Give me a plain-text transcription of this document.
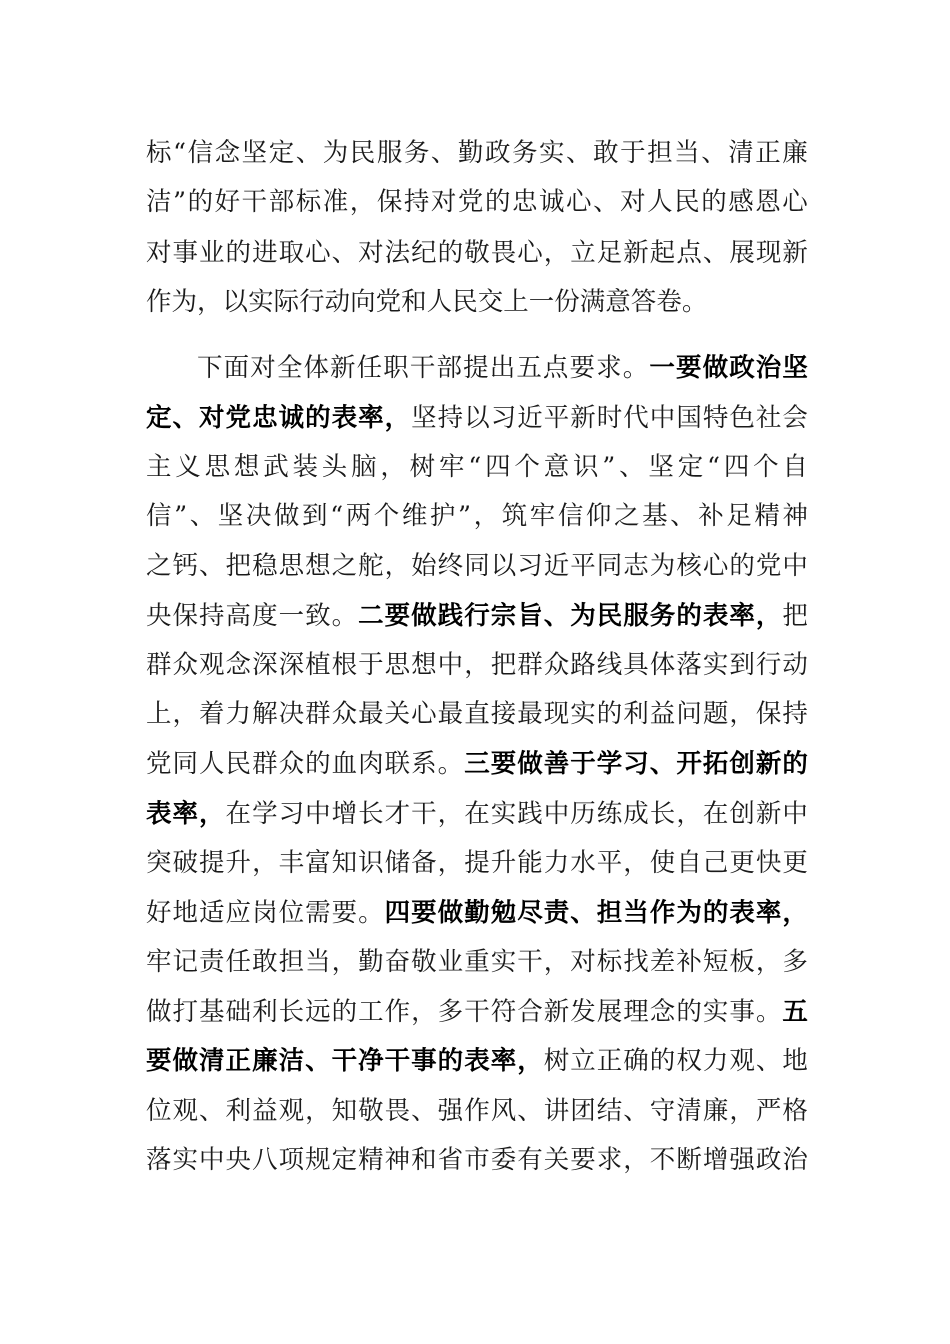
标 “ 信 念 坚 定 、 为 民 服 务 、 勤 政 务 实 、 敢 于 担 当 、 清 正 廉
洁 ” 的 好 干 部 标 准 ， 保 持 对 党 的 忠 诚 心 、 对 人 民 的 感 恩 心
对 事 业 的 进 取 心 、 对 法 纪 的 敬 畏 心 ， 立 足 新 起 点 、 展 现 新
作 为 ， 以 实 际 行 动 向 党 和 人 民 交 上 一 份 满 意 答 卷 。
下 面 对 全 体 新 任 职 干 部 提 出 五 点 要 求 。 一 要 做 政 治 坚
定 、 对 党 忠 诚 的 表 率 ， 坚 持 以 习 近 平 新 时 代 中 国 特 色 社 会
主 义 思 想 武 装 头 脑 ， 树 牢 “ 四 个 意 识 ” 、 坚 定 “ 四 个 自
信 ” 、 坚 决 做 到 “ 两 个 维 护 ” ， 筑 牢 信 仰 之 基 、 补 足 精 神
之 钙 、 把 稳 思 想 之 舵 ， 始 终 同 以 习 近 平 同 志 为 核 心 的 党 中
央 保 持 高 度 一 致 。 二 要 做 践 行 宗 旨 、 为 民 服 务 的 表 率 ， 把
群 众 观 念 深 深 植 根 于 思 想 中 ， 把 群 众 路 线 具 体 落 实 到 行 动
上 ， 着 力 解 决 群 众 最 关 心 最 直 接 最 现 实 的 利 益 问 题 ， 保 持
党 同 人 民 群 众 的 血 肉 联 系 。 三 要 做 善 于 学 习 、 开 拓 创 新 的
表 率 ， 在 学 习 中 增 长 才 干 ， 在 实 践 中 历 练 成 长 ， 在 创 新 中
突 破 提 升 ， 丰 富 知 识 储 备 ， 提 升 能 力 水 平 ， 使 自 己 更 快 更
好 地 适 应 岗 位 需 要 。 四 要 做 勤 勉 尽 责 、 担 当 作 为 的 表 率 ，
牢 记 责 任 敢 担 当 ， 勤 奋 敬 业 重 实 干 ， 对 标 找 差 补 短 板 ， 多
做 打 基 础 利 长 远 的 工 作 ， 多 干 符 合 新 发 展 理 念 的 实 事 。 五
要 做 清 正 廉 洁 、 干 净 干 事 的 表 率 ， 树 立 正 确 的 权 力 观 、 地
位 观 、 利 益 观 ， 知 敬 畏 、 强 作 风 、 讲 团 结 、 守 清 廉 ， 严 格
落 实 中 央 八 项 规 定 精 神 和 省 市 委 有 关 要 求 ， 不 断 增 强 政 治
